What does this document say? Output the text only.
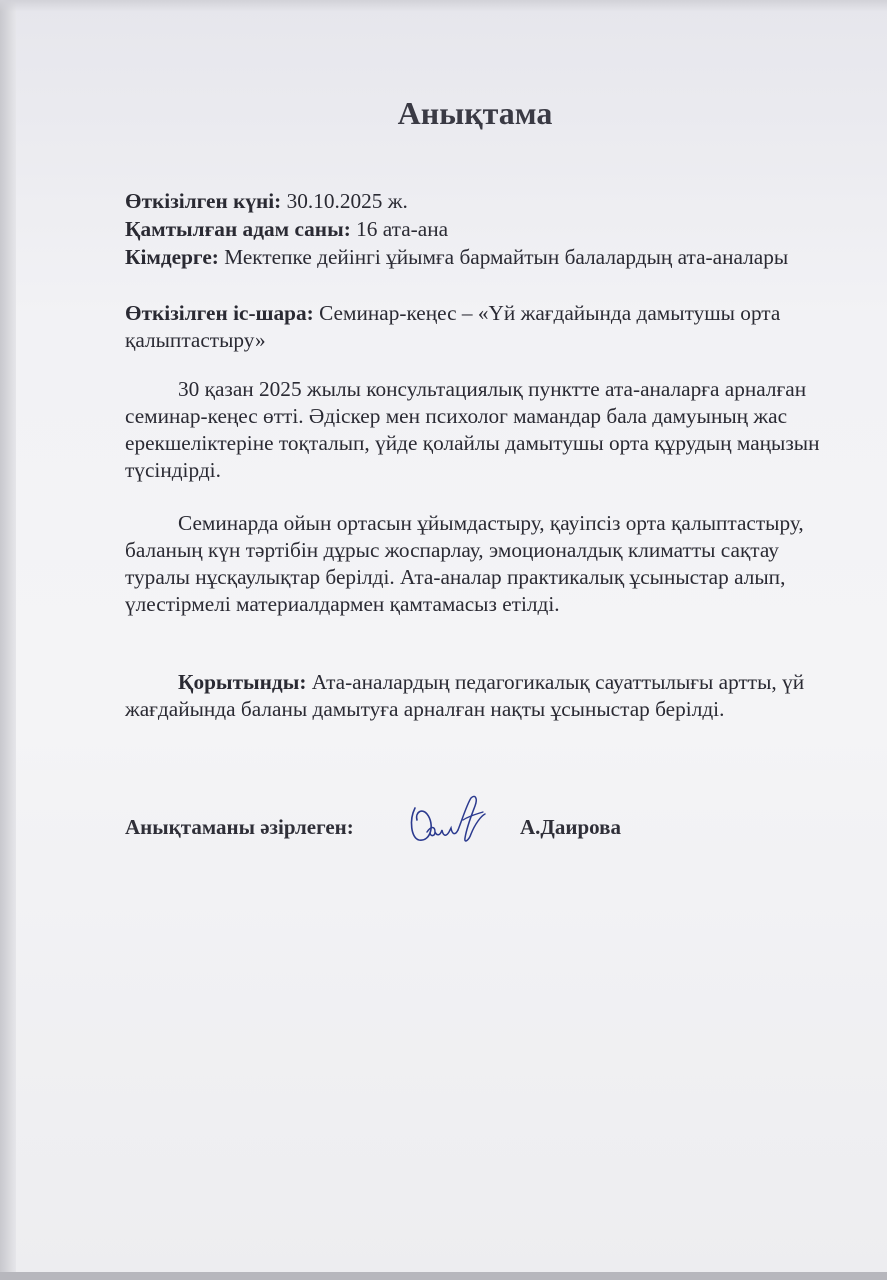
Анықтама
Өткізілген күні: 30.10.2025 ж.
Қамтылған адам саны: 16 ата-ана
Кімдерге: Мектепке дейінгі ұйымға бармайтын балалардың ата-аналары
Өткізілген іс-шара: Семинар-кеңес – «Үй жағдайында дамытушы орта қалыптастыру»
30 қазан 2025 жылы консультациялық пунктте ата-аналарға арналған семинар-кеңес өтті. Әдіскер мен психолог мамандар бала дамуының жас ерекшеліктеріне тоқталып, үйде қолайлы дамытушы орта құрудың маңызын түсіндірді.
Семинарда ойын ортасын ұйымдастыру, қауіпсіз орта қалыптастыру, баланың күн тәртібін дұрыс жоспарлау, эмоционалдық климатты сақтау туралы нұсқаулықтар берілді. Ата-аналар практикалық ұсыныстар алып, үлестірмелі материалдармен қамтамасыз етілді.
Қорытынды: Ата-аналардың педагогикалық сауаттылығы артты, үй жағдайында баланы дамытуға арналған нақты ұсыныстар берілді.
Анықтаманы әзірлеген:	А.Даирова
